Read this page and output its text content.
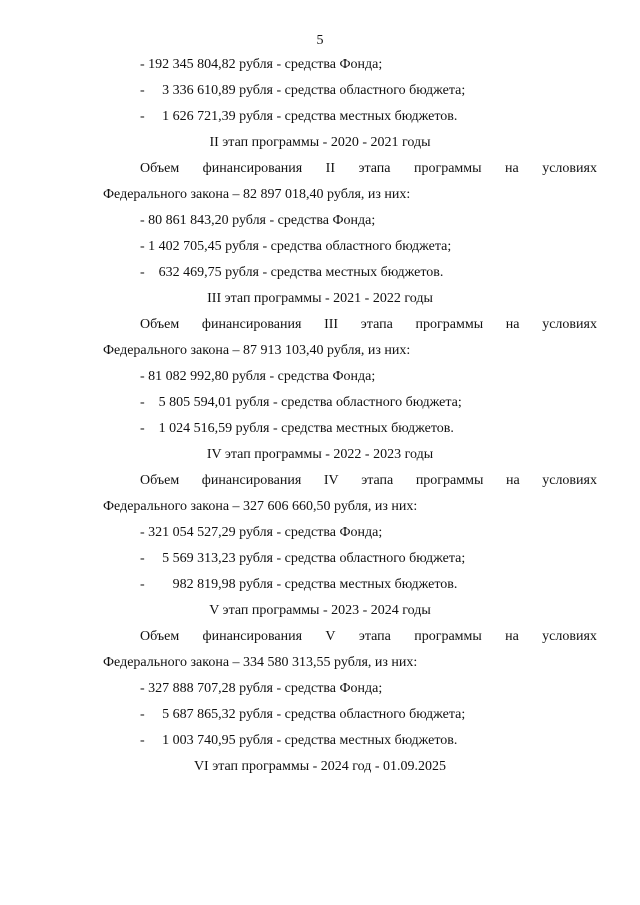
5
- 192 345 804,82 рубля - средства Фонда;
-     3 336 610,89 рубля - средства областного бюджета;
-     1 626 721,39 рубля - средства местных бюджетов.
II этап программы - 2020 - 2021 годы
Объем финансирования II этапа программы на условиях
Федерального закона – 82 897 018,40 рубля, из них:
- 80 861 843,20 рубля - средства Фонда;
- 1 402 705,45 рубля - средства областного бюджета;
-    632 469,75 рубля - средства местных бюджетов.
III этап программы - 2021 - 2022 годы
Объем финансирования III этапа программы на условиях
Федерального закона – 87 913 103,40 рубля, из них:
- 81 082 992,80 рубля - средства Фонда;
-    5 805 594,01 рубля - средства областного бюджета;
-    1 024 516,59 рубля - средства местных бюджетов.
IV этап программы - 2022 - 2023 годы
Объем финансирования IV этапа программы на условиях
Федерального закона – 327 606 660,50 рубля, из них:
- 321 054 527,29 рубля - средства Фонда;
-     5 569 313,23 рубля - средства областного бюджета;
-        982 819,98 рубля - средства местных бюджетов.
V этап программы - 2023 - 2024 годы
Объем финансирования V этапа программы на условиях
Федерального закона – 334 580 313,55 рубля, из них:
- 327 888 707,28 рубля - средства Фонда;
-     5 687 865,32 рубля - средства областного бюджета;
-     1 003 740,95 рубля - средства местных бюджетов.
VI этап программы - 2024 год - 01.09.2025
